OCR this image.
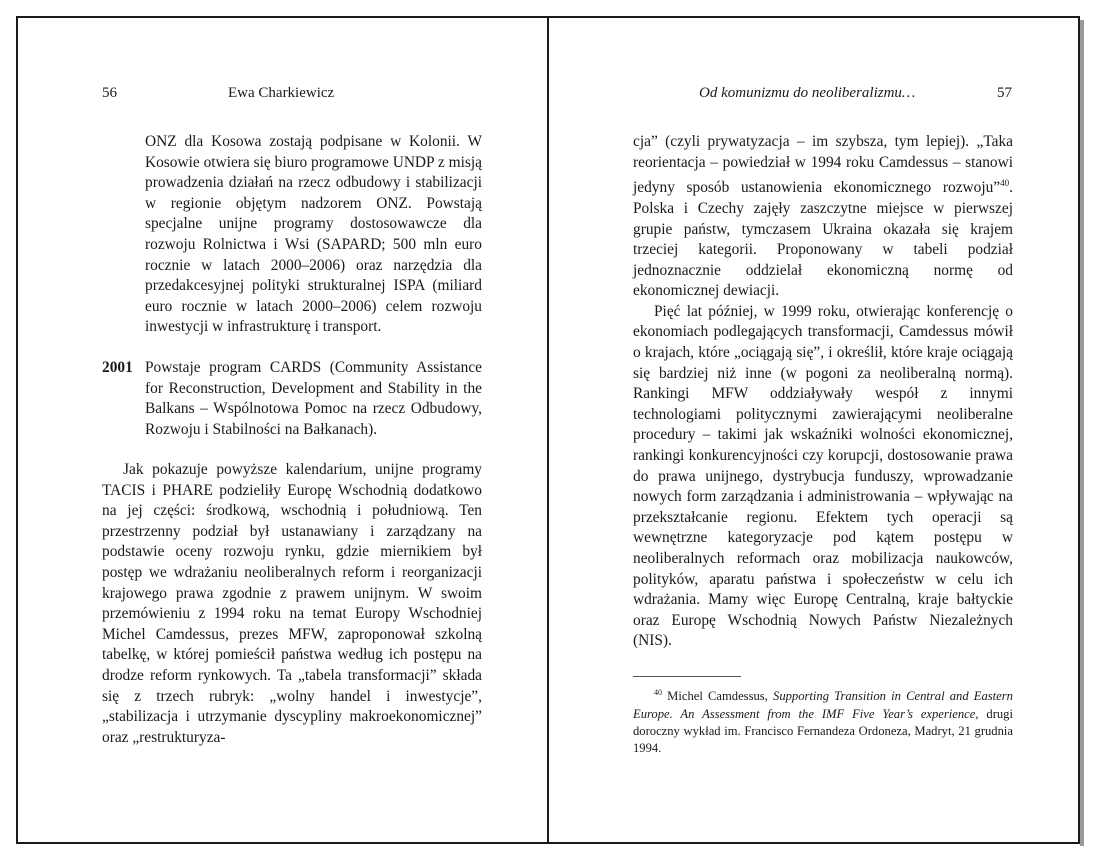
56	Ewa Charkiewicz

ONZ dla Kosowa zostają podpisane w Kolonii. W Kosowie otwiera się biuro programowe UNDP z misją prowadzenia działań na rzecz odbudowy i stabilizacji w regionie objętym nadzorem ONZ. Powstają specjalne unijne programy dostosowawcze dla rozwoju Rolnictwa i Wsi (SAPARD; 500 mln euro rocznie w latach 2000–2006) oraz narzędzia dla przedakcesyjnej polityki strukturalnej ISPA (miliard euro rocznie w latach 2000–2006) celem rozwoju inwestycji w infrastrukturę i transport.

2001 Powstaje program CARDS (Community Assistance for Reconstruction, Development and Stability in the Balkans – Wspólnotowa Pomoc na rzecz Odbudowy, Rozwoju i Stabilności na Bałkanach).

Jak pokazuje powyższe kalendarium, unijne programy TACIS i PHARE podzieliły Europę Wschodnią dodatkowo na jej części: środkową, wschodnią i południową. Ten przestrzenny podział był ustanawiany i zarządzany na podstawie oceny rozwoju rynku, gdzie miernikiem był postęp we wdrażaniu neoliberalnych reform i reorganizacji krajowego prawa zgodnie z prawem unijnym. W swoim przemówieniu z 1994 roku na temat Europy Wschodniej Michel Camdessus, prezes MFW, zaproponował szkolną tabelkę, w której pomieścił państwa według ich postępu na drodze reform rynkowych. Ta „tabela transformacji” składa się z trzech rubryk: „wolny handel i inwestycje”, „stabilizacja i utrzymanie dyscypliny makroekonomicznej” oraz „restrukturyza-

Od komunizmu do neoliberalizmu…	57

cja” (czyli prywatyzacja – im szybsza, tym lepiej). „Taka reorientacja – powiedział w 1994 roku Camdessus – stanowi jedyny sposób ustanowienia ekonomicznego rozwoju”$^{40}$. Polska i Czechy zajęły zaszczytne miejsce w pierwszej grupie państw, tymczasem Ukraina okazała się krajem trzeciej kategorii. Proponowany w tabeli podział jednoznacznie oddzielał ekonomiczną normę od ekonomicznej dewiacji.

Pięć lat później, w 1999 roku, otwierając konferencję o ekonomiach podlegających transformacji, Camdessus mówił o krajach, które „ociągają się”, i określił, które kraje ociągają się bardziej niż inne (w pogoni za neoliberalną normą). Rankingi MFW oddziaływały wespół z innymi technologiami politycznymi zawierającymi neoliberalne procedury – takimi jak wskaźniki wolności ekonomicznej, rankingi konkurencyjności czy korupcji, dostosowanie prawa do prawa unijnego, dystrybucja funduszy, wprowadzanie nowych form zarządzania i administrowania – wpływając na przekształcanie regionu. Efektem tych operacji są wewnętrzne kategoryzacje pod kątem postępu w neoliberalnych reformach oraz mobilizacja naukowców, polityków, aparatu państwa i społeczeństw w celu ich wdrażania. Mamy więc Europę Centralną, kraje bałtyckie oraz Europę Wschodnią Nowych Państw Niezależnych (NIS).

$^{40}$ Michel Camdessus, Supporting Transition in Central and Eastern Europe. An Assessment from the IMF Five Year’s experience, drugi doroczny wykład im. Francisco Fernandeza Ordoneza, Madryt, 21 grudnia 1994.
